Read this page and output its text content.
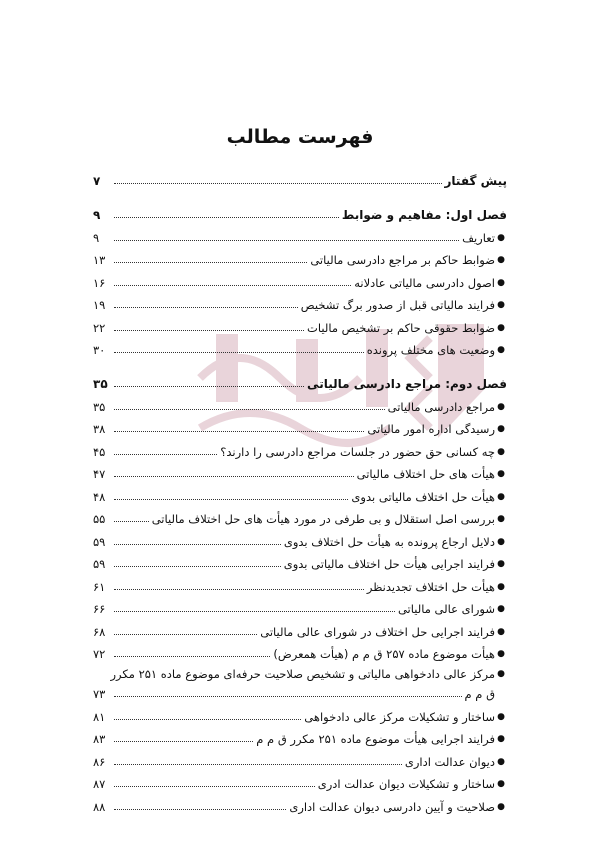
فهرست مطالب
پیش گفتار
۷
فصل اول: مفاهیم و ضوابط
۹
●
تعاریف
۹
●
ضوابط حاکم بر مراجع دادرسی مالیاتی
۱۳
●
اصول دادرسی مالیاتی عادلانه
۱۶
●
فرایند مالیاتی قبل از صدور برگ تشخیص
۱۹
●
ضوابط حقوقی حاکم بر تشخیص مالیات
۲۲
●
وضعیت های مختلف پرونده
۳۰
فصل دوم: مراجع دادرسی مالیاتی
۳۵
●
مراجع دادرسی مالیاتی
۳۵
●
رسیدگی اداره امور مالیاتی
۳۸
●
چه کسانی حق حضور در جلسات مراجع دادرسی را دارند؟
۴۵
●
هیأت های حل اختلاف مالیاتی
۴۷
●
هیأت حل اختلاف مالیاتی بدوی
۴۸
●
بررسی اصل استقلال و بی طرفی در مورد هیأت های حل اختلاف مالیاتی
۵۵
●
دلایل ارجاع پرونده به هیأت حل اختلاف بدوی
۵۹
●
فرایند اجرایی هیأت حل اختلاف مالیاتی بدوی
۵۹
●
هیأت حل اختلاف تجدیدنظر
۶۱
●
شورای عالی مالیاتی
۶۶
●
فرایند اجرایی حل اختلاف در شورای عالی مالیاتی
۶۸
●
هیأت موضوع ماده ۲۵۷ ق م م (هیأت همعرض)
۷۲
●
مرکز عالی دادخواهی مالیاتی و تشخیص صلاحیت حرفه‌ای موضوع ماده ۲۵۱ مکرر
ق م م
۷۳
●
ساختار و تشکیلات مرکز عالی دادخواهی
۸۱
●
فرایند اجرایی هیأت موضوع ماده ۲۵۱ مکرر ق م م
۸۳
●
دیوان عدالت اداری
۸۶
●
ساختار و تشکیلات دیوان عدالت ادری
۸۷
●
صلاحیت و آیین دادرسی دیوان عدالت اداری
۸۸
